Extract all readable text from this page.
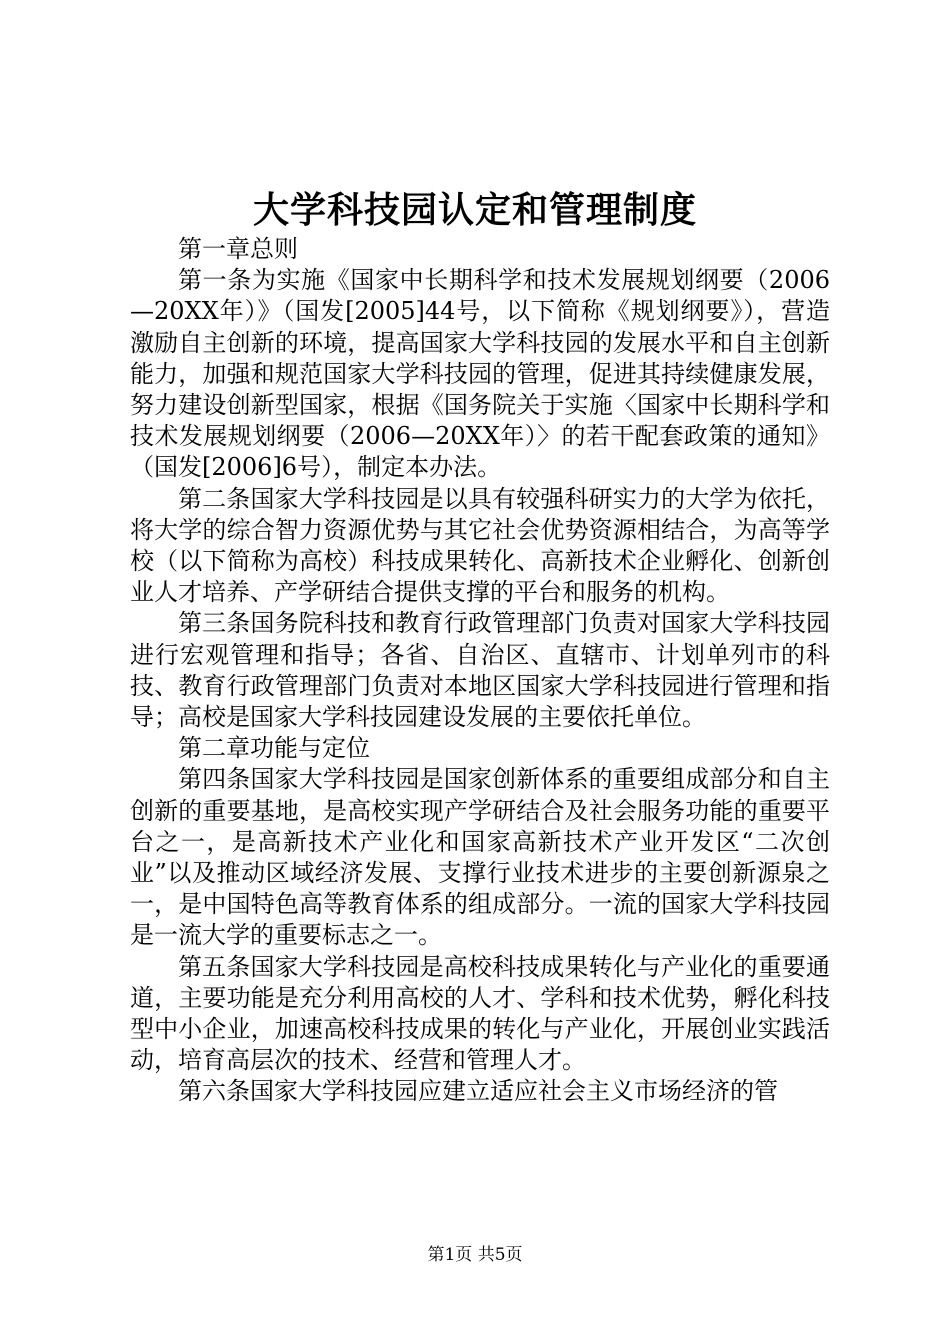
大学科技园认定和管理制度

第一章总则

第一条为实施《国家中长期科学和技术发展规划纲要（2006—20XX年）》（国发[2005]44号，以下简称《规划纲要》），营造激励自主创新的环境，提高国家大学科技园的发展水平和自主创新能力，加强和规范国家大学科技园的管理，促进其持续健康发展，努力建设创新型国家，根据《国务院关于实施〈国家中长期科学和技术发展规划纲要（2006—20XX年）〉的若干配套政策的通知》（国发[2006]6号），制定本办法。

第二条国家大学科技园是以具有较强科研实力的大学为依托，将大学的综合智力资源优势与其它社会优势资源相结合，为高等学校（以下简称为高校）科技成果转化、高新技术企业孵化、创新创业人才培养、产学研结合提供支撑的平台和服务的机构。

第三条国务院科技和教育行政管理部门负责对国家大学科技园进行宏观管理和指导；各省、自治区、直辖市、计划单列市的科技、教育行政管理部门负责对本地区国家大学科技园进行管理和指导；高校是国家大学科技园建设发展的主要依托单位。

第二章功能与定位

第四条国家大学科技园是国家创新体系的重要组成部分和自主创新的重要基地，是高校实现产学研结合及社会服务功能的重要平台之一，是高新技术产业化和国家高新技术产业开发区“二次创业”以及推动区域经济发展、支撑行业技术进步的主要创新源泉之一，是中国特色高等教育体系的组成部分。一流的国家大学科技园是一流大学的重要标志之一。

第五条国家大学科技园是高校科技成果转化与产业化的重要通道，主要功能是充分利用高校的人才、学科和技术优势，孵化科技型中小企业，加速高校科技成果的转化与产业化，开展创业实践活动，培育高层次的技术、经营和管理人才。

第六条国家大学科技园应建立适应社会主义市场经济的管

第1页 共5页
